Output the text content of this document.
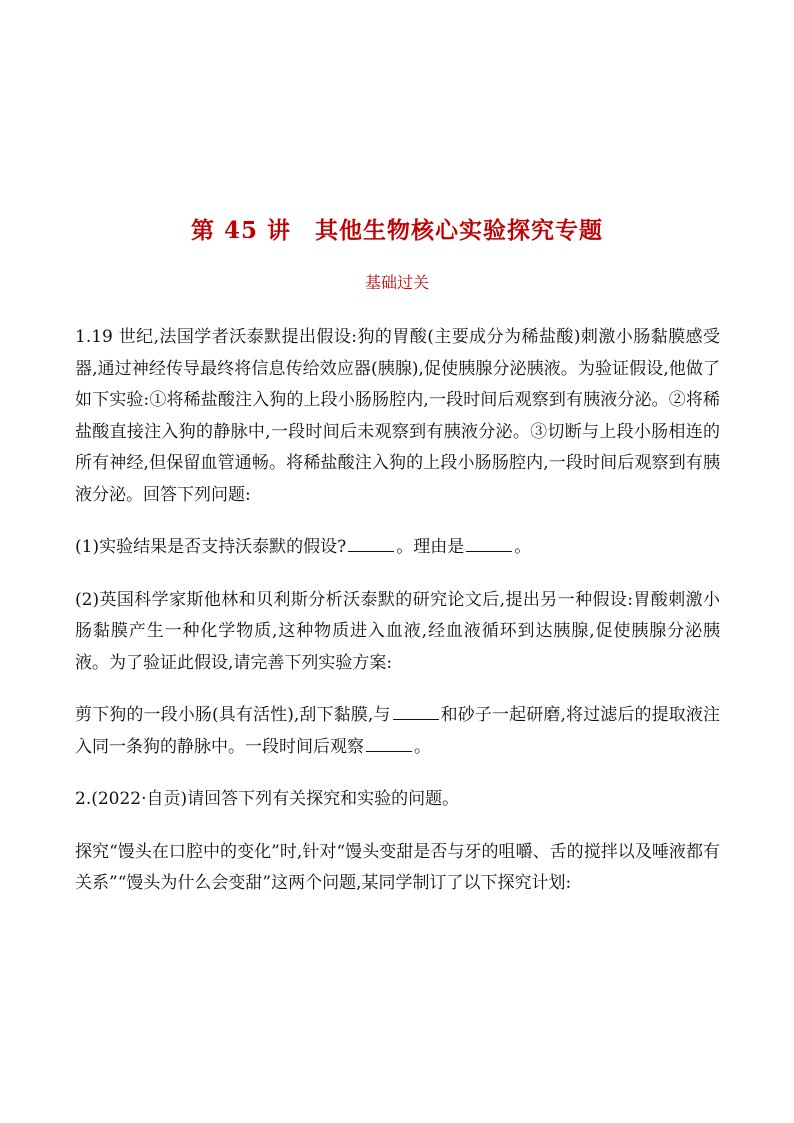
第 45 讲　其他生物核心实验探究专题
基础过关

1.19 世纪,法国学者沃泰默提出假设:狗的胃酸(主要成分为稀盐酸)刺激小肠黏膜感受器,通过神经传导最终将信息传给效应器(胰腺),促使胰腺分泌胰液。为验证假设,他做了如下实验:①将稀盐酸注入狗的上段小肠肠腔内,一段时间后观察到有胰液分泌。②将稀盐酸直接注入狗的静脉中,一段时间后未观察到有胰液分泌。③切断与上段小肠相连的所有神经,但保留血管通畅。将稀盐酸注入狗的上段小肠肠腔内,一段时间后观察到有胰液分泌。回答下列问题:

(1)实验结果是否支持沃泰默的假设?	。理由是	。

(2)英国科学家斯他林和贝利斯分析沃泰默的研究论文后,提出另一种假设:胃酸刺激小肠黏膜产生一种化学物质,这种物质进入血液,经血液循环到达胰腺,促使胰腺分泌胰液。为了验证此假设,请完善下列实验方案:

剪下狗的一段小肠(具有活性),刮下黏膜,与	和砂子一起研磨,将过滤后的提取液注入同一条狗的静脉中。一段时间后观察	。

2.(2022·自贡)请回答下列有关探究和实验的问题。

探究“馒头在口腔中的变化”时,针对“馒头变甜是否与牙的咀嚼、舌的搅拌以及唾液都有关系”“馒头为什么会变甜”这两个问题,某同学制订了以下探究计划:
